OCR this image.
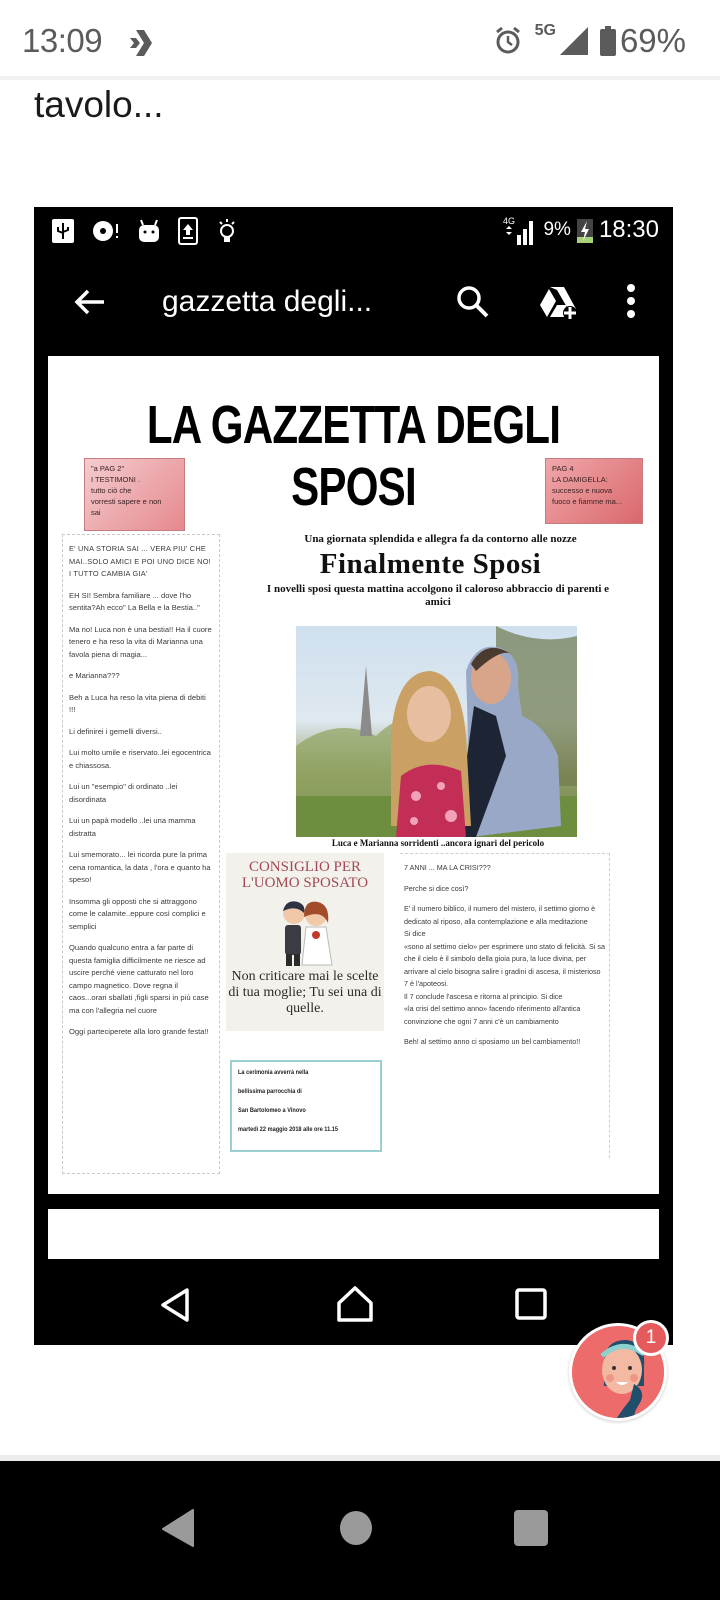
13:09	5G 69%
tavolo...
4G 9% 18:30
gazzetta degli...
LA GAZZETTA DEGLI SPOSI
"a PAG 2"
I TESTIMONI .
tutto ciò che
vorresti sapere e non
sai
PAG 4
LA DAMIGELLA:
successo e nuova
fuoco e fiamme ma...

E' UNA STORIA SAI ... VERA PIU' CHE MAI..SOLO AMICI E POI UNO DICE NO! I TUTTO CAMBIA GIA'

EH SI! Sembra familiare ... dove l'ho sentita?Ah ecco" La Bella e la Bestia.."

Ma no! Luca non è una bestia!! Ha il cuore tenero e ha reso la vita di Marianna una favola piena di magia...

e Marianna???

Beh a Luca ha reso la vita piena di debiti !!!

Li definirei i gemelli diversi..

Lui molto umile e riservato..lei egocentrica e chiassosa.

Lui un "esempio" di ordinato ..lei disordinata

Lui un papà modello ..lei una mamma distratta

Lui smemorato... lei ricorda pure la prima cena romantica, la data , l'ora e quanto ha speso!

Insomma gli opposti che si attraggono come le calamite..eppure così complici e semplici

Quando qualcuno entra a far parte di questa famiglia difficilmente ne riesce ad uscire perché viene catturato nel loro campo magnetico. Dove regna il caos...orari sballati ,figli sparsi in più case ma con l'allegria nel cuore

Oggi parteciperete alla loro grande festa!!

Una giornata splendida e allegra fa da contorno alle nozze
Finalmente Sposi
I novelli sposi questa mattina accolgono il caloroso abbraccio di parenti e amici
Luca e Marianna sorridenti ..ancora ignari del pericolo
CONSIGLIO PER L'UOMO SPOSATO
Non criticare mai le scelte di tua moglie; Tu sei una di quelle.

La cerimonia avverrà nella

bellissima parrocchia di

San Bartolomeo a Vinovo

martedì 22 maggio 2018 alle ore 11.15

7 ANNI ... MA LA CRISI???

Perche si dice così?

E' il numero biblico, il numero del mistero, il settimo giorno è dedicato al riposo, alla contemplazione e alla meditazione

Si dice

«sono al settimo cielo» per esprimere uno stato di felicità. Si sa che il cielo è il simbolo della gioia pura, la luce divina, per arrivare al cielo bisogna salire i gradini di ascesa, il misterioso 7 è l'apoteosi.

Il 7 conclude l'ascesa e ritorna al principio. Si dice

«la crisi del settimo anno» facendo riferimento all'antica convinzione che ogni 7 anni c'è un cambiamento

Beh! al settimo anno ci sposiamo un bel cambiamento!!

1
